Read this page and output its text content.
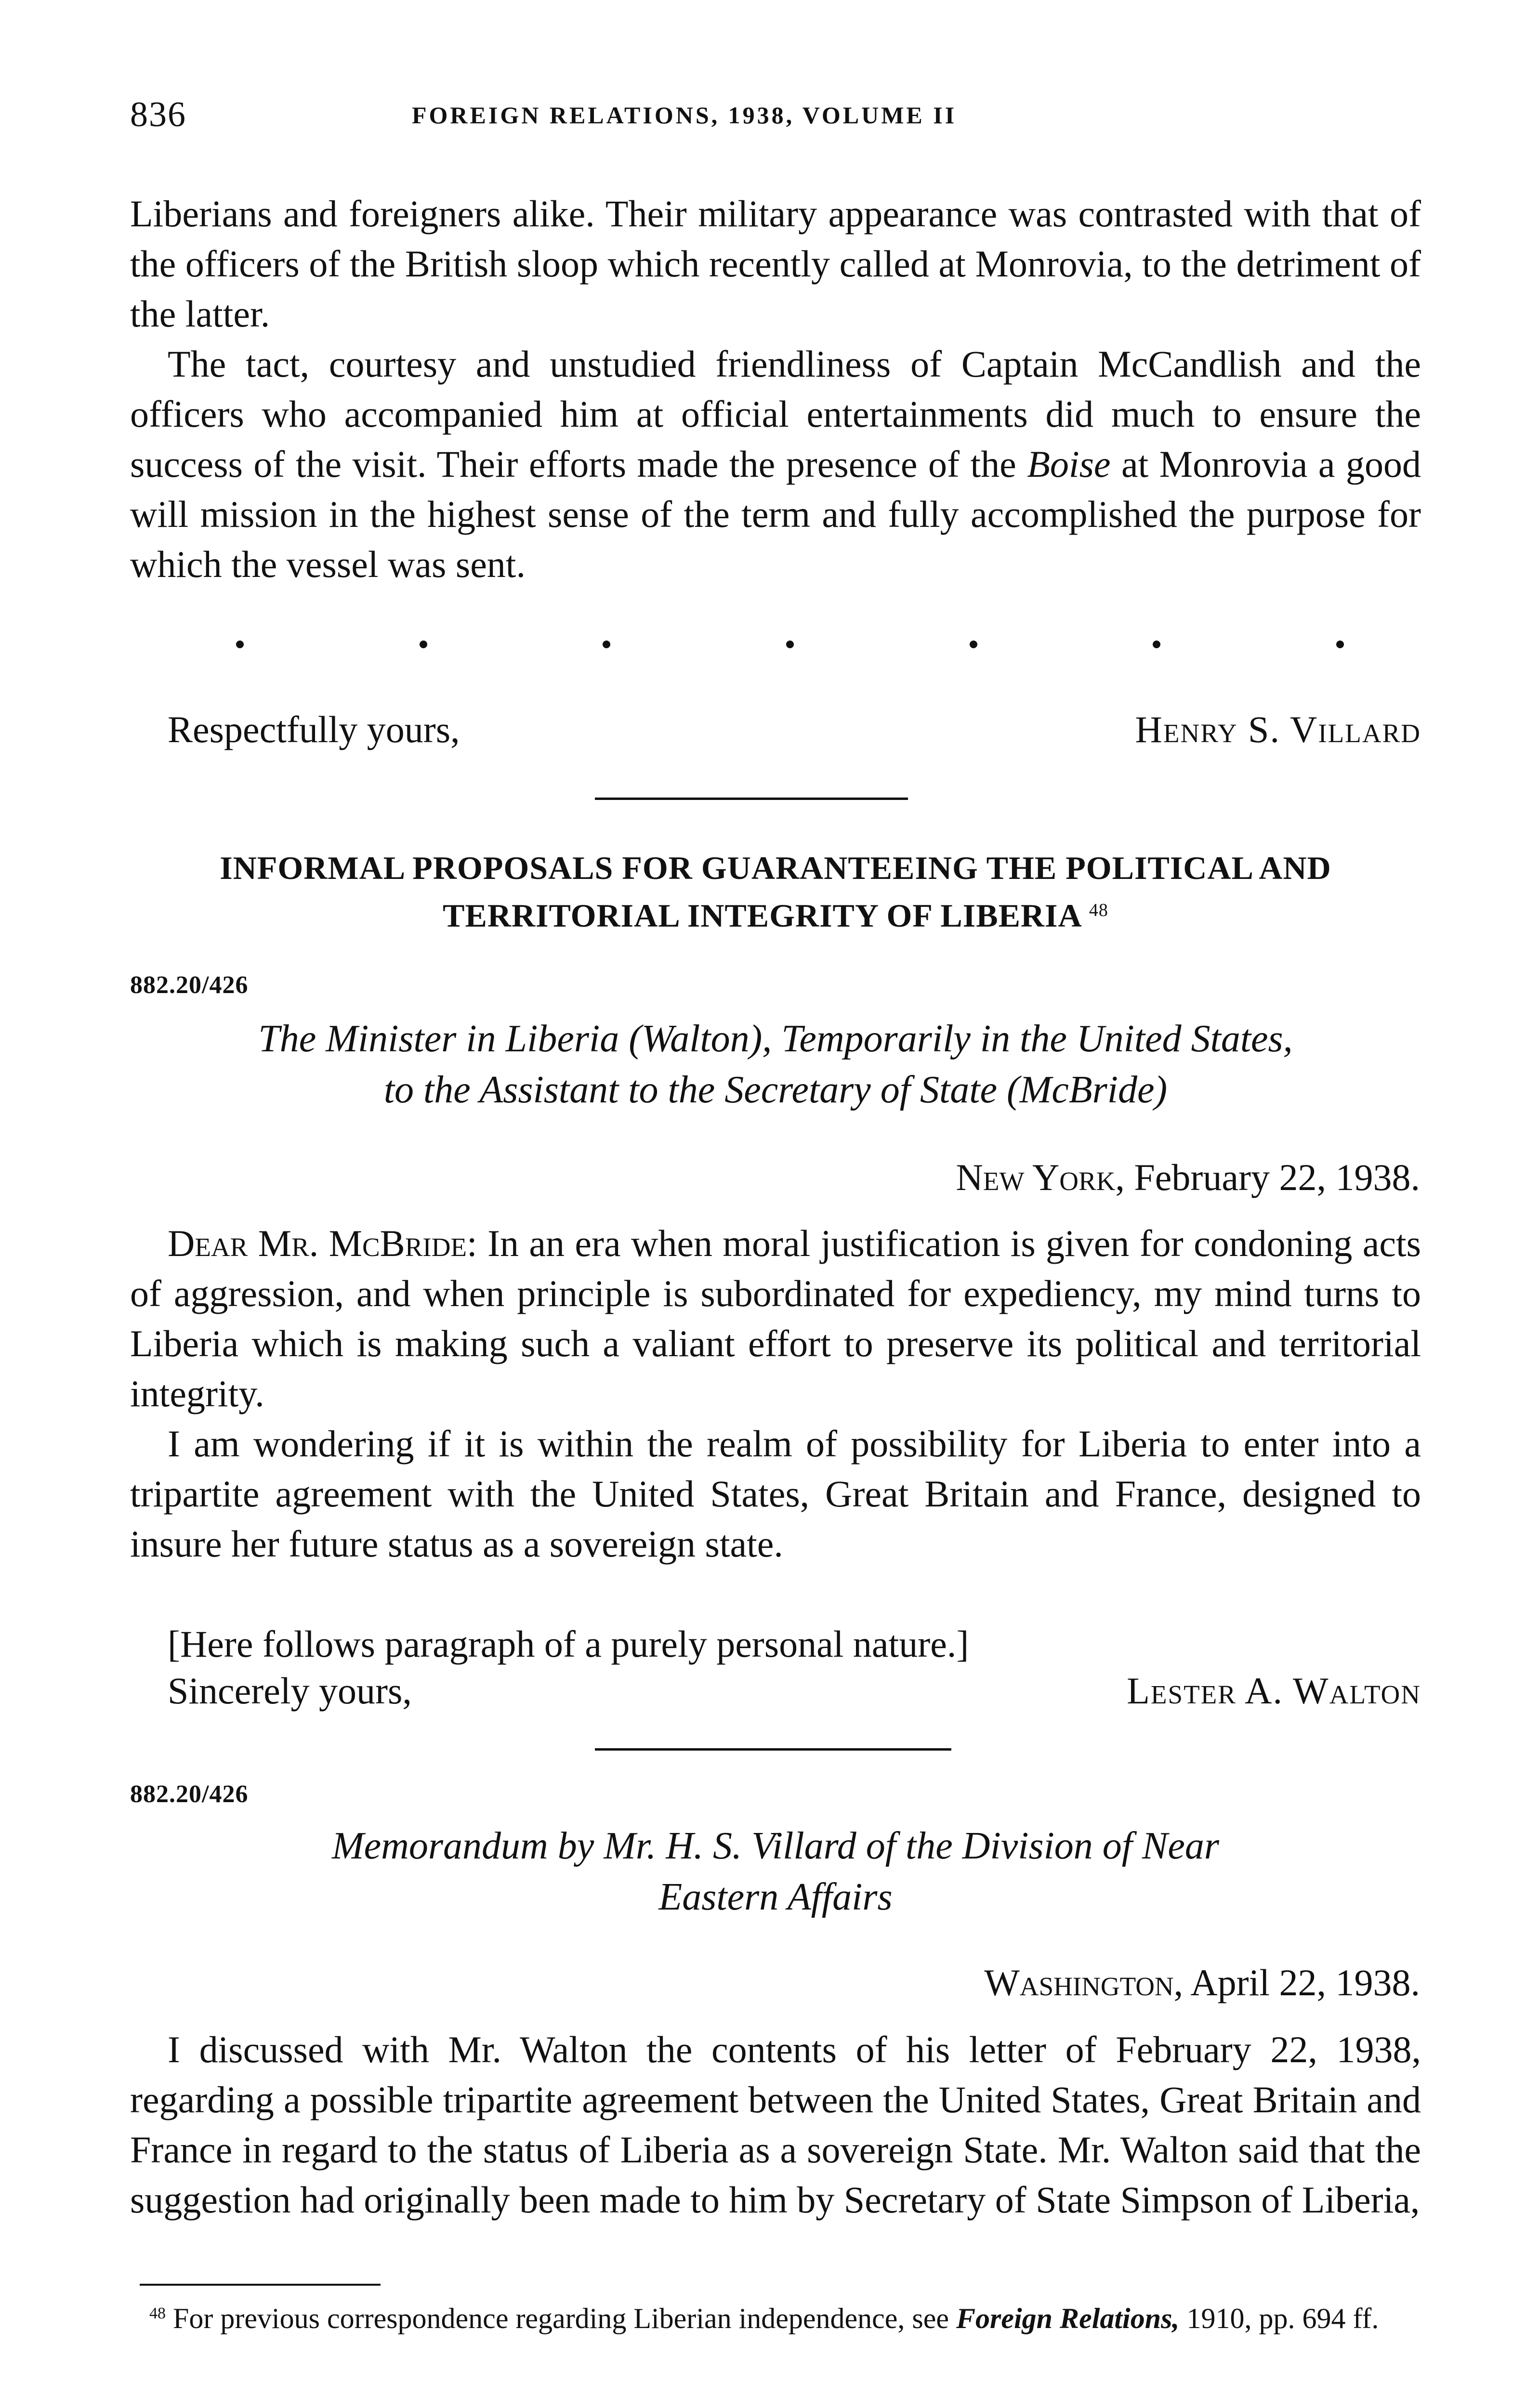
836	FOREIGN RELATIONS, 1938, VOLUME II
Liberians and foreigners alike. Their military appearance was contrasted with that of the officers of the British sloop which recently called at Monrovia, to the detriment of the latter.
The tact, courtesy and unstudied friendliness of Captain McCandlish and the officers who accompanied him at official entertainments did much to ensure the success of the visit. Their efforts made the presence of the Boise at Monrovia a good will mission in the highest sense of the term and fully accomplished the purpose for which the vessel was sent.
Respectfully yours,	Henry S. Villard
INFORMAL PROPOSALS FOR GUARANTEEING THE POLITICAL AND TERRITORIAL INTEGRITY OF LIBERIA $^{48}$
882.20/426
The Minister in Liberia (Walton), Temporarily in the United States,
to the Assistant to the Secretary of State (McBride)
New York, February 22, 1938.
Dear Mr. McBride: In an era when moral justification is given for condoning acts of aggression, and when principle is subordinated for expediency, my mind turns to Liberia which is making such a valiant effort to preserve its political and territorial integrity.
I am wondering if it is within the realm of possibility for Liberia to enter into a tripartite agreement with the United States, Great Britain and France, designed to insure her future status as a sovereign state.
[Here follows paragraph of a purely personal nature.]
Sincerely yours,	Lester A. Walton
882.20/426
Memorandum by Mr. H. S. Villard of the Division of Near
Eastern Affairs
Washington, April 22, 1938.
I discussed with Mr. Walton the contents of his letter of February 22, 1938, regarding a possible tripartite agreement between the United States, Great Britain and France in regard to the status of Liberia as a sovereign State. Mr. Walton said that the suggestion had originally been made to him by Secretary of State Simpson of Liberia,
$^{48}$ For previous correspondence regarding Liberian independence, see Foreign Relations, 1910, pp. 694 ff.
